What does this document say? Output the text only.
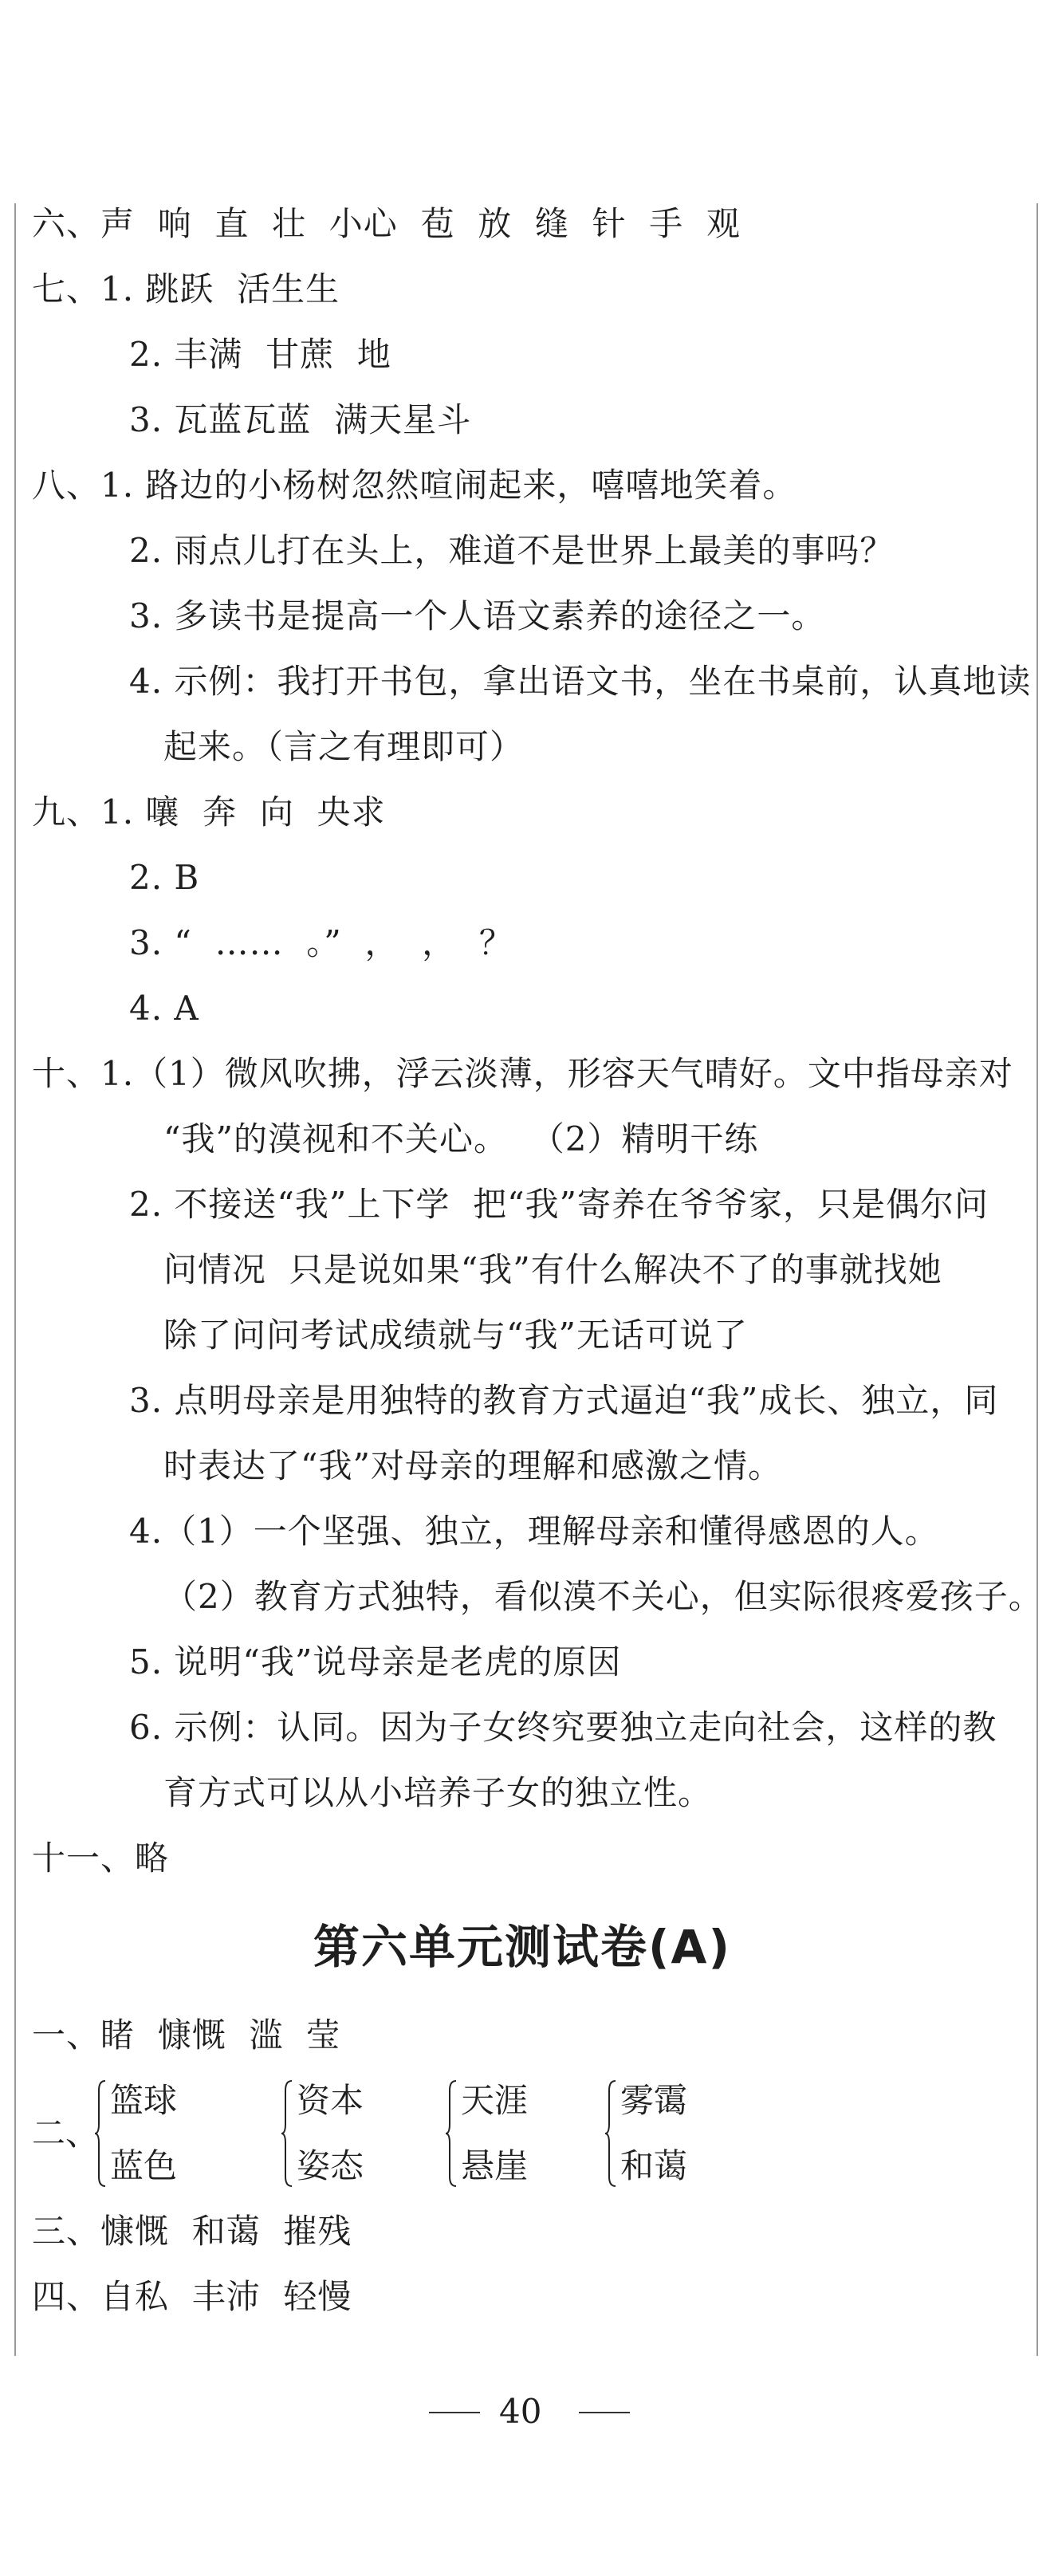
六、声  响  直  壮  小心  苞  放  缝  针  手  观
七、1. 跳跃  活生生
2. 丰满  甘蔗  地
3. 瓦蓝瓦蓝  满天星斗
八、1. 路边的小杨树忽然喧闹起来，嘻嘻地笑着。
2. 雨点儿打在头上，难道不是世界上最美的事吗？
3. 多读书是提高一个人语文素养的途径之一。
4. 示例：我打开书包，拿出语文书，坐在书桌前，认真地读
起来。（言之有理即可）
九、1. 嚷  奔  向  央求
2. B
3. “  ……  。”  ，  ，  ？
4. A
十、1.（1）微风吹拂，浮云淡薄，形容天气晴好。文中指母亲对
“我”的漠视和不关心。  （2）精明干练
2. 不接送“我”上下学  把“我”寄养在爷爷家，只是偶尔问
问情况  只是说如果“我”有什么解决不了的事就找她
除了问问考试成绩就与“我”无话可说了
3. 点明母亲是用独特的教育方式逼迫“我”成长、独立，同
时表达了“我”对母亲的理解和感激之情。
4.（1）一个坚强、独立，理解母亲和懂得感恩的人。
（2）教育方式独特，看似漠不关心，但实际很疼爱孩子。
5. 说明“我”说母亲是老虎的原因
6. 示例：认同。因为子女终究要独立走向社会，这样的教
育方式可以从小培养子女的独立性。
十一、略
第六单元测试卷(A)
一、睹  慷慨  滥  莹
二、
篮球
蓝色
资本
姿态
天涯
悬崖
雾霭
和蔼
三、慷慨  和蔼  摧残
四、自私  丰沛  轻慢
40
